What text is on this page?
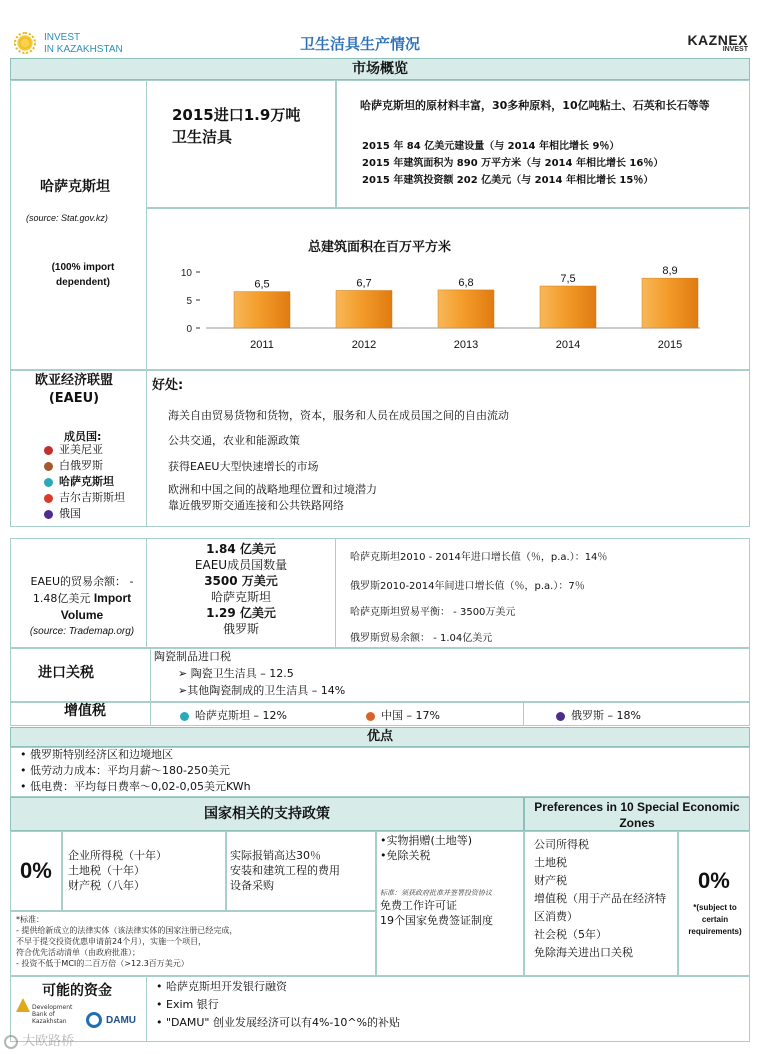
INVEST
IN KAZAKHSTAN	卫生洁具生产情况	KAZNEX
INVEST
市场概览
哈萨克斯坦
(source: Stat.gov.kz)
(100% import dependent)
2015进口1.9万吨卫生洁具
哈萨克斯坦的原材料丰富，30多种原料，10亿吨粘土、石英和长石等等
2015 年 84 亿美元建设量（与 2014 年相比增长 9％）
2015 年建筑面积为 890 万平方米（与 2014 年相比增长 16％）
2015 年建筑投资额 202 亿美元（与 2014 年相比增长 15％）
总建筑面积在百万平方米
0
5
10
6,5
2011
6,7
2012
6,8
2013
7,5
2014
8,9
2015
欧亚经济联盟(EAEU)
成员国:
亚美尼亚
白俄罗斯
哈萨克斯坦
吉尔吉斯斯坦
俄国
好处:
海关自由贸易货物和货物，资本，服务和人员在成员国之间的自由流动
公共交通，农业和能源政策
获得EAEU大型快速增长的市场
欧洲和中国之间的战略地理位置和过境潜力
靠近俄罗斯交通连接和公共铁路网络
EAEU的贸易余额： - 1.48亿美元 Import Volume
(source: Trademap.org)
1.84 亿美元
EAEU成员国数量
3500 万美元
哈萨克斯坦
1.29 亿美元
俄罗斯
哈萨克斯坦2010 - 2014年进口增长值（％，p.a.）：14％
俄罗斯2010-2014年间进口增长值（％，p.a.）：7％
哈萨克斯坦贸易平衡： - 3500万美元
俄罗斯贸易余额： - 1.04亿美元
进口关税
陶瓷制品进口税
➢ 陶瓷卫生洁具 – 12.5
➢其他陶瓷制成的卫生洁具 – 14%
增值税	哈萨克斯坦 – 12%	中国 – 17%	俄罗斯 – 18%
优点
• 俄罗斯特别经济区和边境地区
• 低劳动力成本：平均月薪～180-250美元
• 低电费：平均每日费率～0,02-0,05美元KWh
国家相关的支持政策	Preferences in 10 Special Economic Zones
0%
企业所得税（十年）
土地税（十年）
财产税（八年）
实际报销高达30％
安装和建筑工程的费用
设备采购
•实物捐赠(土地等)
•免除关税
标准：须获政府批准并签署投资协议
免费工作许可证
19个国家免费签证制度
*标准：
- 提供给新成立的法律实体（该法律实体的国家注册已经完成，
不早于提交投资优惠申请前24个月），实施一个项目，
符合优先活动清单（由政府批准）；
- 投资不低于MCI的二百万倍（>12.3百万美元）
公司所得税
土地税
财产税
增值税（用于产品在经济特区消费）
社会税（5年）
免除海关进出口关税
0%
*(subject to certain requirements)
可能的资金
Development Bank of Kazakhstan	DAMU
• 哈萨克斯坦开发银行融资
• Exim 银行
• "DAMU" 创业发展经济可以有4%-10^%的补贴
大欧路桥
